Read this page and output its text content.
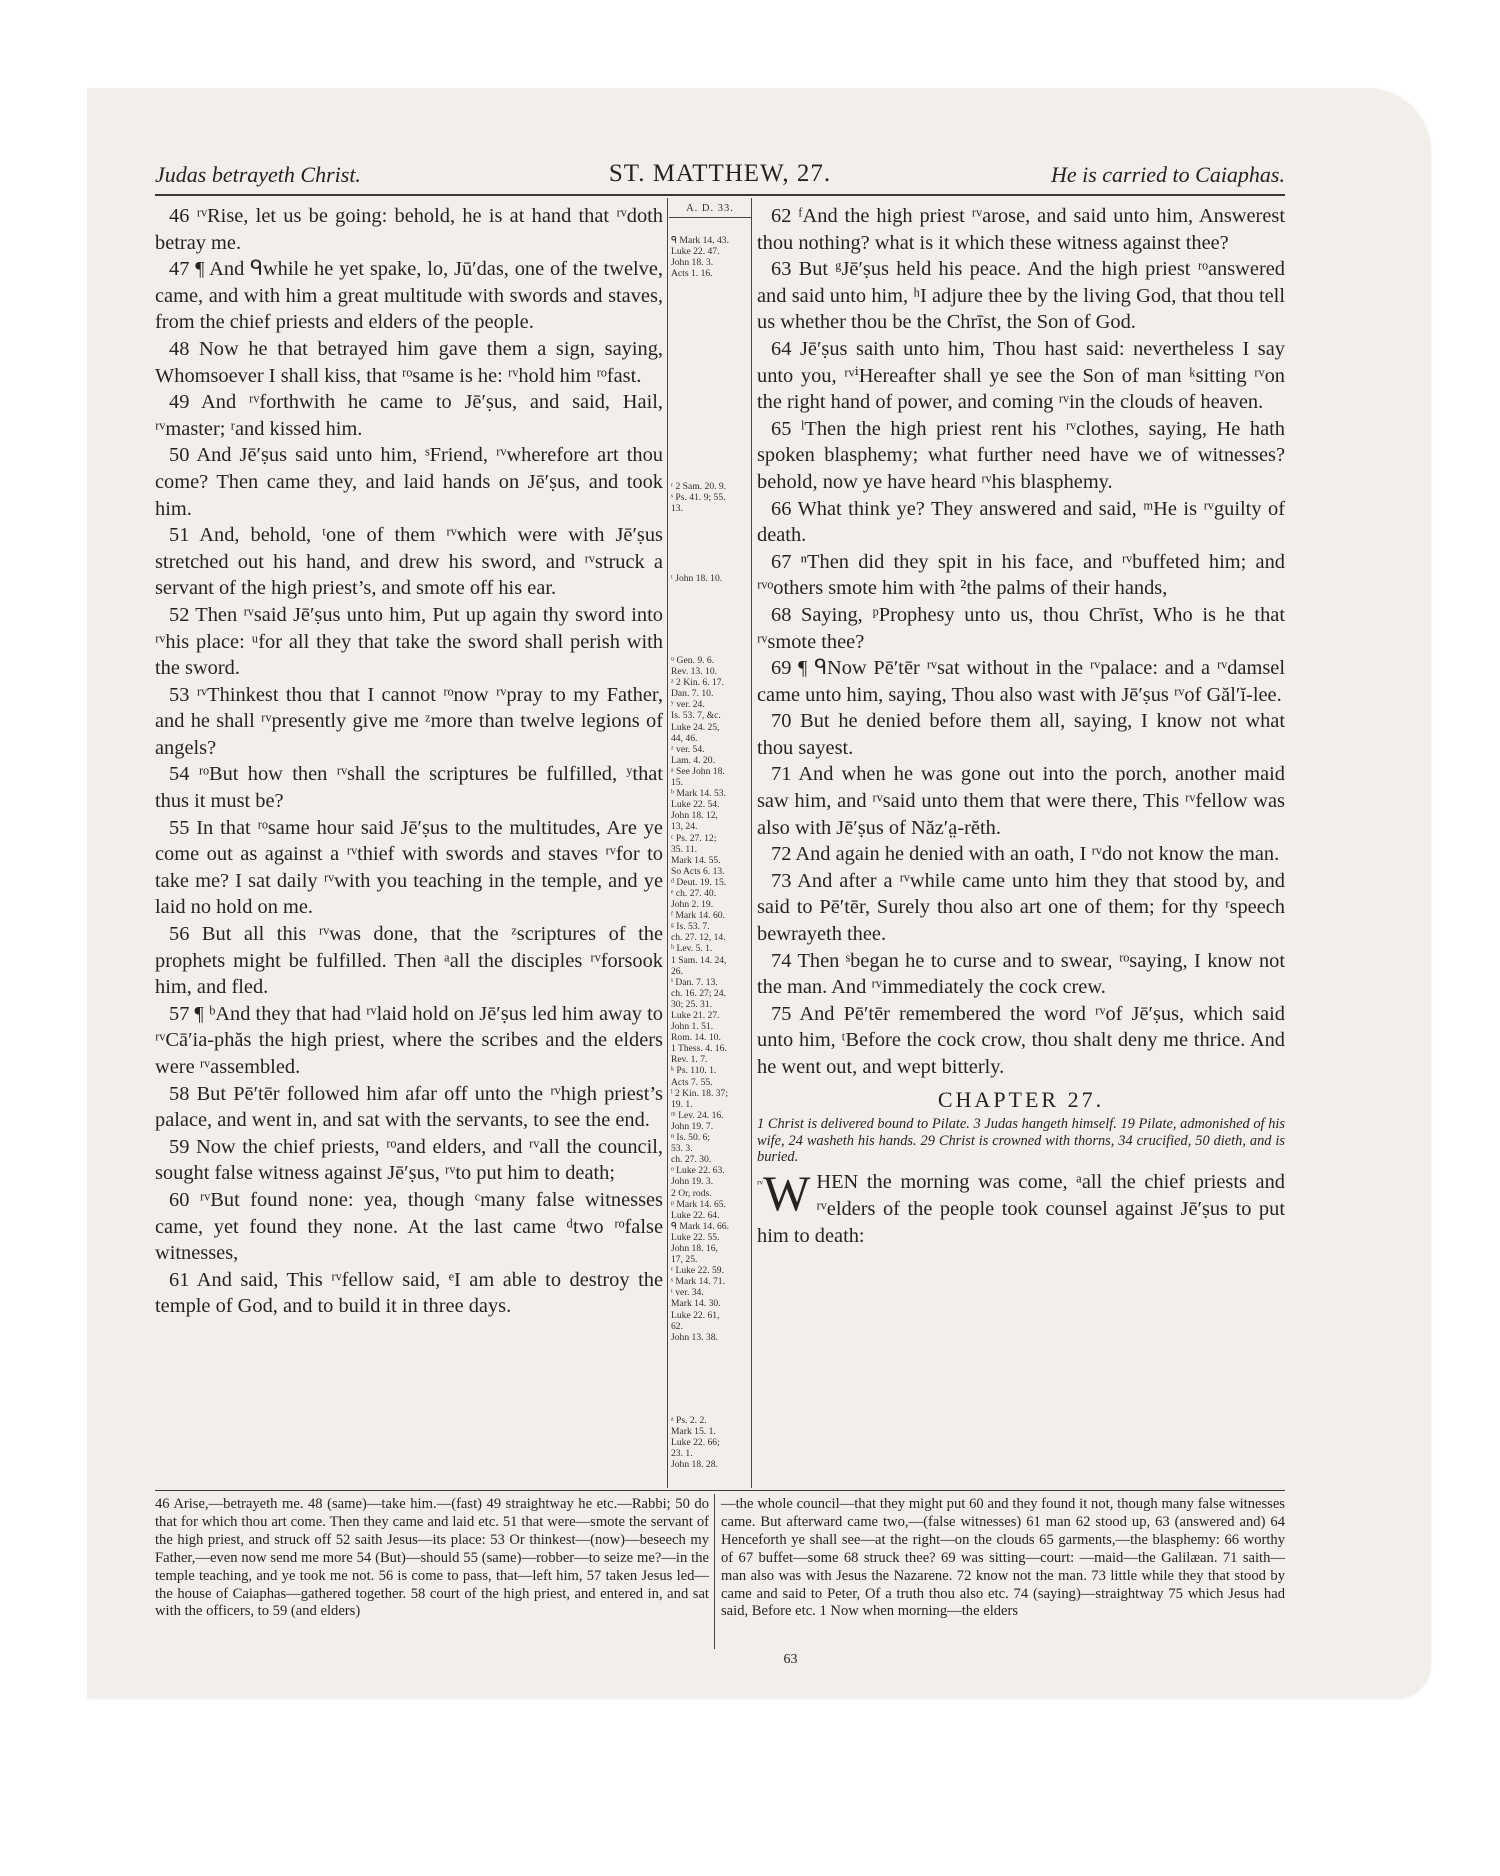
Judas betrayeth Christ.	ST. MATTHEW, 27.	He is carried to Caiaphas.

46 ʳᵛRise, let us be going: behold, he is at hand that ʳᵛdoth betray me.

47 ¶ And ᑫwhile he yet spake, lo, Jū′das, one of the twelve, came, and with him a great multitude with swords and staves, from the chief priests and elders of the people.

48 Now he that betrayed him gave them a sign, saying, Whomsoever I shall kiss, that ʳᵒsame is he: ʳᵛhold him ʳᵒfast.

49 And ʳᵛforthwith he came to Jē′ṣus, and said, Hail, ʳᵛmaster; ʳand kissed him.

50 And Jē′ṣus said unto him, ˢFriend, ʳᵛwherefore art thou come? Then came they, and laid hands on Jē′ṣus, and took him.

51 And, behold, ᵗone of them ʳᵛwhich were with Jē′ṣus stretched out his hand, and drew his sword, and ʳᵛstruck a servant of the high priest’s, and smote off his ear.

52 Then ʳᵛsaid Jē′ṣus unto him, Put up again thy sword into ʳᵛhis place: ᵘfor all they that take the sword shall perish with the sword.

53 ʳᵛThinkest thou that I cannot ʳᵒnow ʳᵛpray to my Father, and he shall ʳᵛpresently give me ᶻmore than twelve legions of angels?

54 ʳᵒBut how then ʳᵛshall the scriptures be fulfilled, ʸthat thus it must be?

55 In that ʳᵒsame hour said Jē′ṣus to the multitudes, Are ye come out as against a ʳᵛthief with swords and staves ʳᵛfor to take me? I sat daily ʳᵛwith you teaching in the temple, and ye laid no hold on me.

56 But all this ʳᵛwas done, that the ᶻscriptures of the prophets might be fulfilled. Then ᵃall the disciples ʳᵛforsook him, and fled.

57 ¶ ᵇAnd they that had ʳᵛlaid hold on Jē′ṣus led him away to ʳᵛCā′ia-phăs the high priest, where the scribes and the elders were ʳᵛassembled.

58 But Pē′tēr followed him afar off unto the ʳᵛhigh priest’s palace, and went in, and sat with the servants, to see the end.

59 Now the chief priests, ʳᵒand elders, and ʳᵛall the council, sought false witness against Jē′ṣus, ʳᵛto put him to death;

60 ʳᵛBut found none: yea, though ᶜmany false witnesses came, yet found they none. At the last came ᵈtwo ʳᵒfalse witnesses,

61 And said, This ʳᵛfellow said, ᵉI am able to destroy the temple of God, and to build it in three days.

A. D. 33.
ᑫ Mark 14. 43.
Luke 22. 47.
John 18. 3.
Acts 1. 16.
ʳ 2 Sam. 20. 9.
ˢ Ps. 41. 9; 55.
13.
ᵗ John 18. 10.
ᵘ Gen. 9. 6.
Rev. 13. 10.
ᶻ 2 Kin. 6. 17.
Dan. 7. 10.
ʸ ver. 24.
Is. 53. 7, &c.
Luke 24. 25,
44, 46.
ᶻ ver. 54.
Lam. 4. 20.
ᵃ See John 18.
15.
ᵇ Mark 14. 53.
Luke 22. 54.
John 18. 12,
13, 24.
ᶜ Ps. 27. 12;
35. 11.
Mark 14. 55.
So Acts 6. 13.
ᵈ Deut. 19. 15.
ᵉ ch. 27. 40.
John 2. 19.
ᶠ Mark 14. 60.
ᵍ Is. 53. 7.
ch. 27. 12, 14.
ʰ Lev. 5. 1.
1 Sam. 14. 24,
26.
ⁱ Dan. 7. 13.
ch. 16. 27; 24.
30; 25. 31.
Luke 21. 27.
John 1. 51.
Rom. 14. 10.
1 Thess. 4. 16.
Rev. 1. 7.
ᵏ Ps. 110. 1.
Acts 7. 55.
ˡ 2 Kin. 18. 37;
19. 1.
ᵐ Lev. 24. 16.
John 19. 7.
ⁿ Is. 50. 6;
53. 3.
ch. 27. 30.
ᵒ Luke 22. 63.
John 19. 3.
2 Or, rods.
ᵖ Mark 14. 65.
Luke 22. 64.
ᑫ Mark 14. 66.
Luke 22. 55.
John 18. 16,
17, 25.
ʳ Luke 22. 59.
ˢ Mark 14. 71.
ᵗ ver. 34.
Mark 14. 30.
Luke 22. 61,
62.
John 13. 38.
ᵃ Ps. 2. 2.
Mark 15. 1.
Luke 22. 66;
23. 1.
John 18. 28.

62 ᶠAnd the high priest ʳᵛarose, and said unto him, Answerest thou nothing? what is it which these witness against thee?

63 But ᵍJē′ṣus held his peace. And the high priest ʳᵒanswered and said unto him, ʰI adjure thee by the living God, that thou tell us whether thou be the Chrīst, the Son of God.

64 Jē′ṣus saith unto him, Thou hast said: nevertheless I say unto you, ʳᵛⁱHereafter shall ye see the Son of man ᵏsitting ʳᵛon the right hand of power, and coming ʳᵛin the clouds of heaven.

65 ˡThen the high priest rent his ʳᵛclothes, saying, He hath spoken blasphemy; what further need have we of witnesses? behold, now ye have heard ʳᵛhis blasphemy.

66 What think ye? They answered and said, ᵐHe is ʳᵛguilty of death.

67 ⁿThen did they spit in his face, and ʳᵛbuffeted him; and ʳᵛᵒothers smote him with ²the palms of their hands,

68 Saying, ᵖProphesy unto us, thou Chrīst, Who is he that ʳᵛsmote thee?

69 ¶ ᑫNow Pē′tēr ʳᵛsat without in the ʳᵛpalace: and a ʳᵛdamsel came unto him, saying, Thou also wast with Jē′ṣus ʳᵛof Găl′ĭ-lee.

70 But he denied before them all, saying, I know not what thou sayest.

71 And when he was gone out into the porch, another maid saw him, and ʳᵛsaid unto them that were there, This ʳᵛfellow was also with Jē′ṣus of Năz′a̤-rĕth.

72 And again he denied with an oath, I ʳᵛdo not know the man.

73 And after a ʳᵛwhile came unto him they that stood by, and said to Pē′tēr, Surely thou also art one of them; for thy ʳspeech bewrayeth thee.

74 Then ˢbegan he to curse and to swear, ʳᵒsaying, I know not the man. And ʳᵛimmediately the cock crew.

75 And Pē′tēr remembered the word ʳᵛof Jē′ṣus, which said unto him, ᵗBefore the cock crow, thou shalt deny me thrice. And he went out, and wept bitterly.

CHAPTER 27.
1 Christ is delivered bound to Pilate. 3 Judas hangeth himself. 19 Pilate, admonished of his wife, 24 washeth his hands. 29 Christ is crowned with thorns, 34 crucified, 50 dieth, and is buried.

ʳᵛ W HEN the morning was come, ᵃall the chief priests and ʳᵛelders of the people took counsel against Jē′ṣus to put him to death:

46 Arise,—betrayeth me. 48 (same)—take him.—(fast) 49 straightway he etc.—Rabbi; 50 do that for which thou art come. Then they came and laid etc. 51 that were—smote the servant of the high priest, and struck off 52 saith Jesus—its place: 53 Or thinkest—(now)—beseech my Father,—even now send me more 54 (But)—should 55 (same)—robber—to seize me?—in the temple teaching, and ye took me not. 56 is come to pass, that—left him, 57 taken Jesus led—the house of Caiaphas—gathered together. 58 court of the high priest, and entered in, and sat with the officers, to 59 (and elders)
—the whole council—that they might put 60 and they found it not, though many false witnesses came. But afterward came two,—(false witnesses) 61 man 62 stood up, 63 (answered and) 64 Henceforth ye shall see—at the right—on the clouds 65 garments,—the blasphemy: 66 worthy of 67 buffet—some 68 struck thee? 69 was sitting—court: —maid—the Galilæan. 71 saith—man also was with Jesus the Nazarene. 72 know not the man. 73 little while they that stood by came and said to Peter, Of a truth thou also etc. 74 (saying)—straightway 75 which Jesus had said, Before etc. 1 Now when morning—the elders
63
